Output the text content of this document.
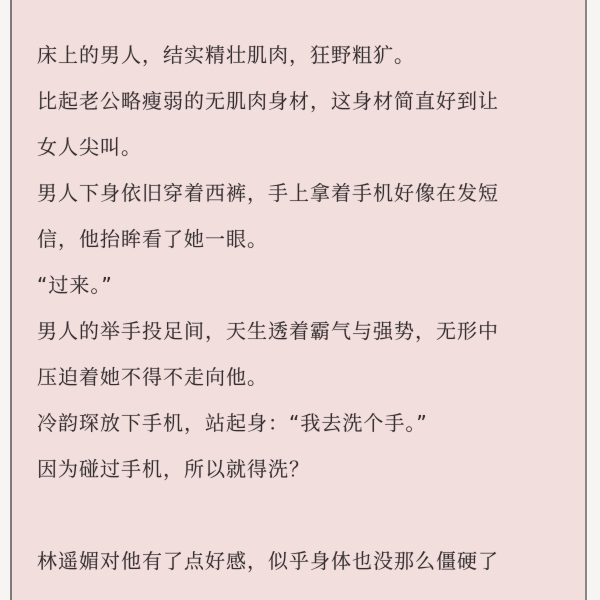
床上的男人，结实精壮肌肉，狂野粗犷。
比起老公略瘦弱的无肌肉身材，这身材简直好到让
女人尖叫。
男人下身依旧穿着西裤，手上拿着手机好像在发短
信，他抬眸看了她一眼。
“过来。”
男人的举手投足间，天生透着霸气与强势，无形中
压迫着她不得不走向他。
冷韵琛放下手机，站起身：“我去洗个手。”
因为碰过手机，所以就得洗？
林遥媚对他有了点好感，似乎身体也没那么僵硬了
